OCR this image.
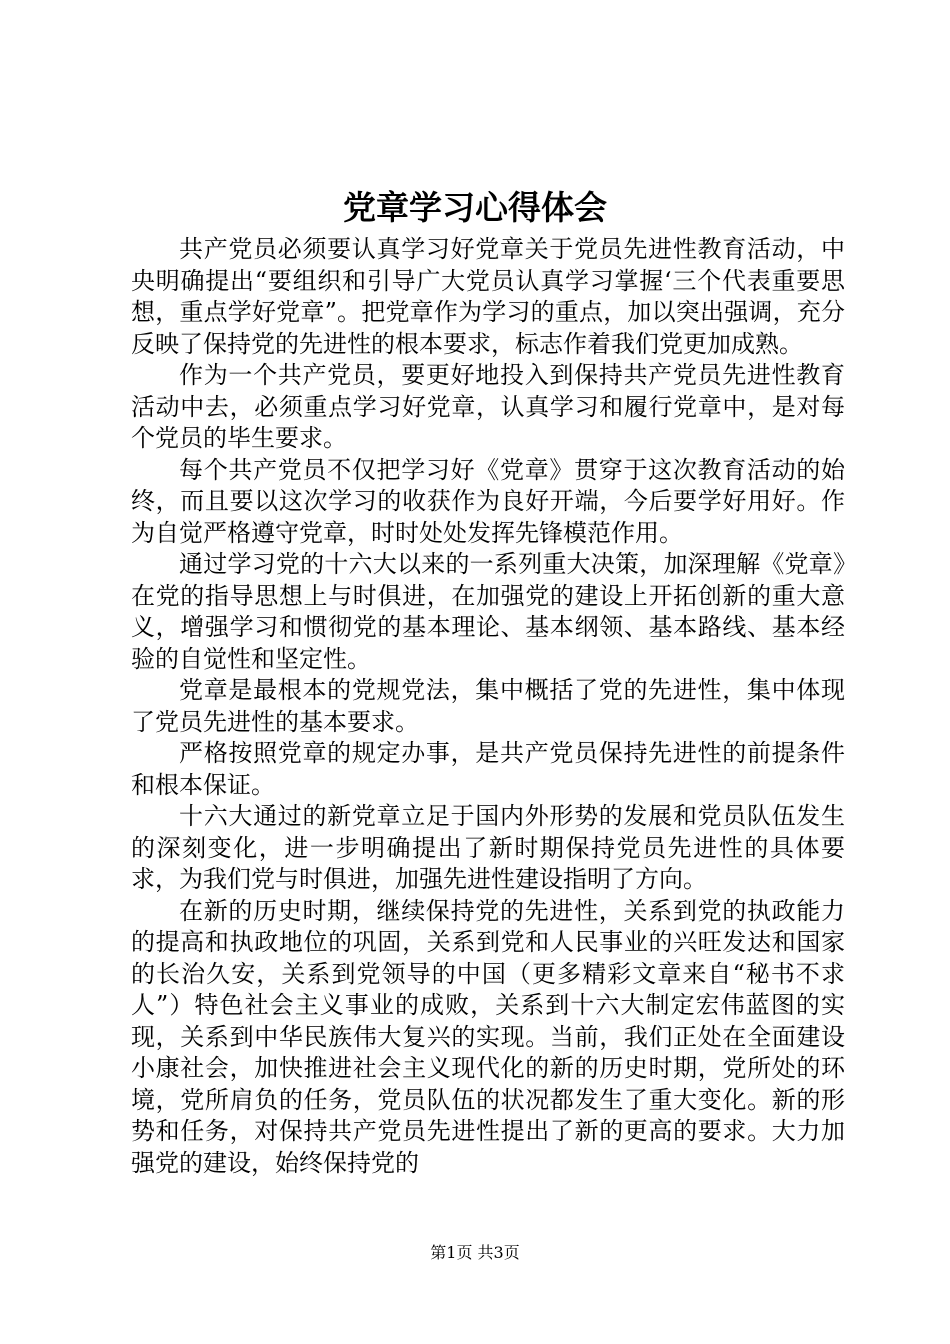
党章学习心得体会

共产党员必须要认真学习好党章关于党员先进性教育活动，中央明确提出“要组织和引导广大党员认真学习掌握‘三个代表重要思想，重点学好党章”。把党章作为学习的重点，加以突出强调，充分反映了保持党的先进性的根本要求，标志作着我们党更加成熟。

作为一个共产党员，要更好地投入到保持共产党员先进性教育活动中去，必须重点学习好党章，认真学习和履行党章中，是对每个党员的毕生要求。

每个共产党员不仅把学习好《党章》贯穿于这次教育活动的始终，而且要以这次学习的收获作为良好开端，今后要学好用好。作为自觉严格遵守党章，时时处处发挥先锋模范作用。

通过学习党的十六大以来的一系列重大决策，加深理解《党章》在党的指导思想上与时俱进，在加强党的建设上开拓创新的重大意义，增强学习和惯彻党的基本理论、基本纲领、基本路线、基本经验的自觉性和坚定性。

党章是最根本的党规党法，集中概括了党的先进性，集中体现了党员先进性的基本要求。

严格按照党章的规定办事，是共产党员保持先进性的前提条件和根本保证。

十六大通过的新党章立足于国内外形势的发展和党员队伍发生的深刻变化，进一步明确提出了新时期保持党员先进性的具体要求，为我们党与时俱进，加强先进性建设指明了方向。

在新的历史时期，继续保持党的先进性，关系到党的执政能力的提高和执政地位的巩固，关系到党和人民事业的兴旺发达和国家的长治久安，关系到党领导的中国（更多精彩文章来自“秘书不求人”）特色社会主义事业的成败，关系到十六大制定宏伟蓝图的实现，关系到中华民族伟大复兴的实现。当前，我们正处在全面建设小康社会，加快推进社会主义现代化的新的历史时期，党所处的环境，党所肩负的任务，党员队伍的状况都发生了重大变化。新的形势和任务，对保持共产党员先进性提出了新的更高的要求。大力加强党的建设，始终保持党的

第1页 共3页
